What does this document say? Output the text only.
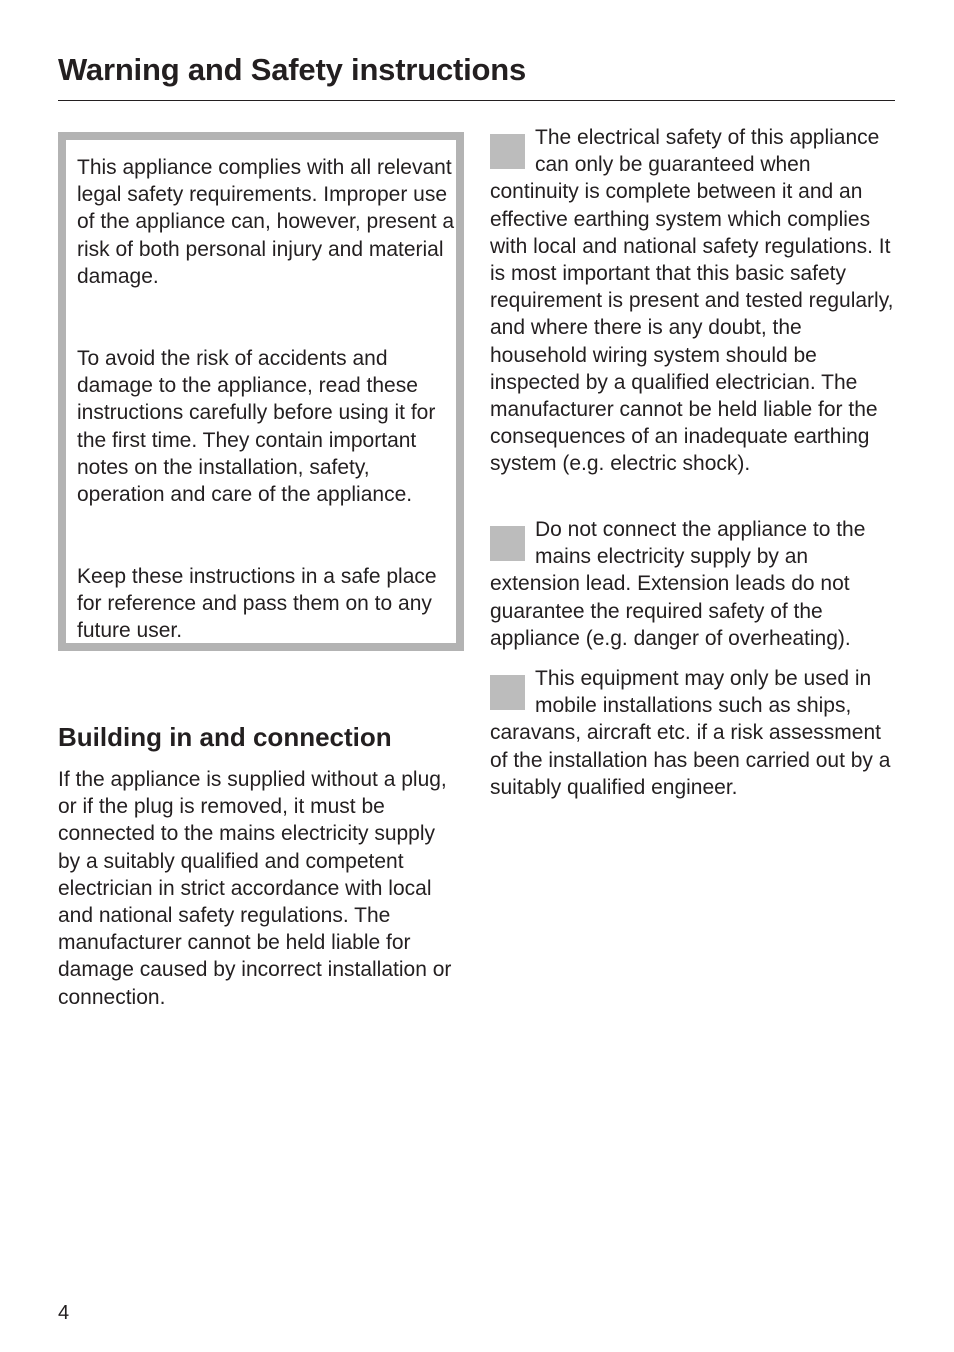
Warning and Safety instructions

This appliance complies with all relevant legal safety requirements. Improper use of the appliance can, however, present a risk of both personal injury and material damage.

To avoid the risk of accidents and damage to the appliance, read these instructions carefully before using it for the first time. They contain important notes on the installation, safety, operation and care of the appliance.

Keep these instructions in a safe place for reference and pass them on to any future user.

Building in and connection

If the appliance is supplied without a plug, or if the plug is removed, it must be connected to the mains electricity supply by a suitably qualified and competent electrician in strict accordance with local and national safety regulations. The manufacturer cannot be held liable for damage caused by incorrect installation or connection.

The electrical safety of this appliance can only be guaranteed when continuity is complete between it and an effective earthing system which complies with local and national safety regulations. It is most important that this basic safety requirement is present and tested regularly, and where there is any doubt, the household wiring system should be inspected by a qualified electrician. The manufacturer cannot be held liable for the consequences of an inadequate earthing system (e.g. electric shock).

Do not connect the appliance to the mains electricity supply by an extension lead. Extension leads do not guarantee the required safety of the appliance (e.g. danger of overheating).

This equipment may only be used in mobile installations such as ships, caravans, aircraft etc. if a risk assessment of the installation has been carried out by a suitably qualified engineer.

4
